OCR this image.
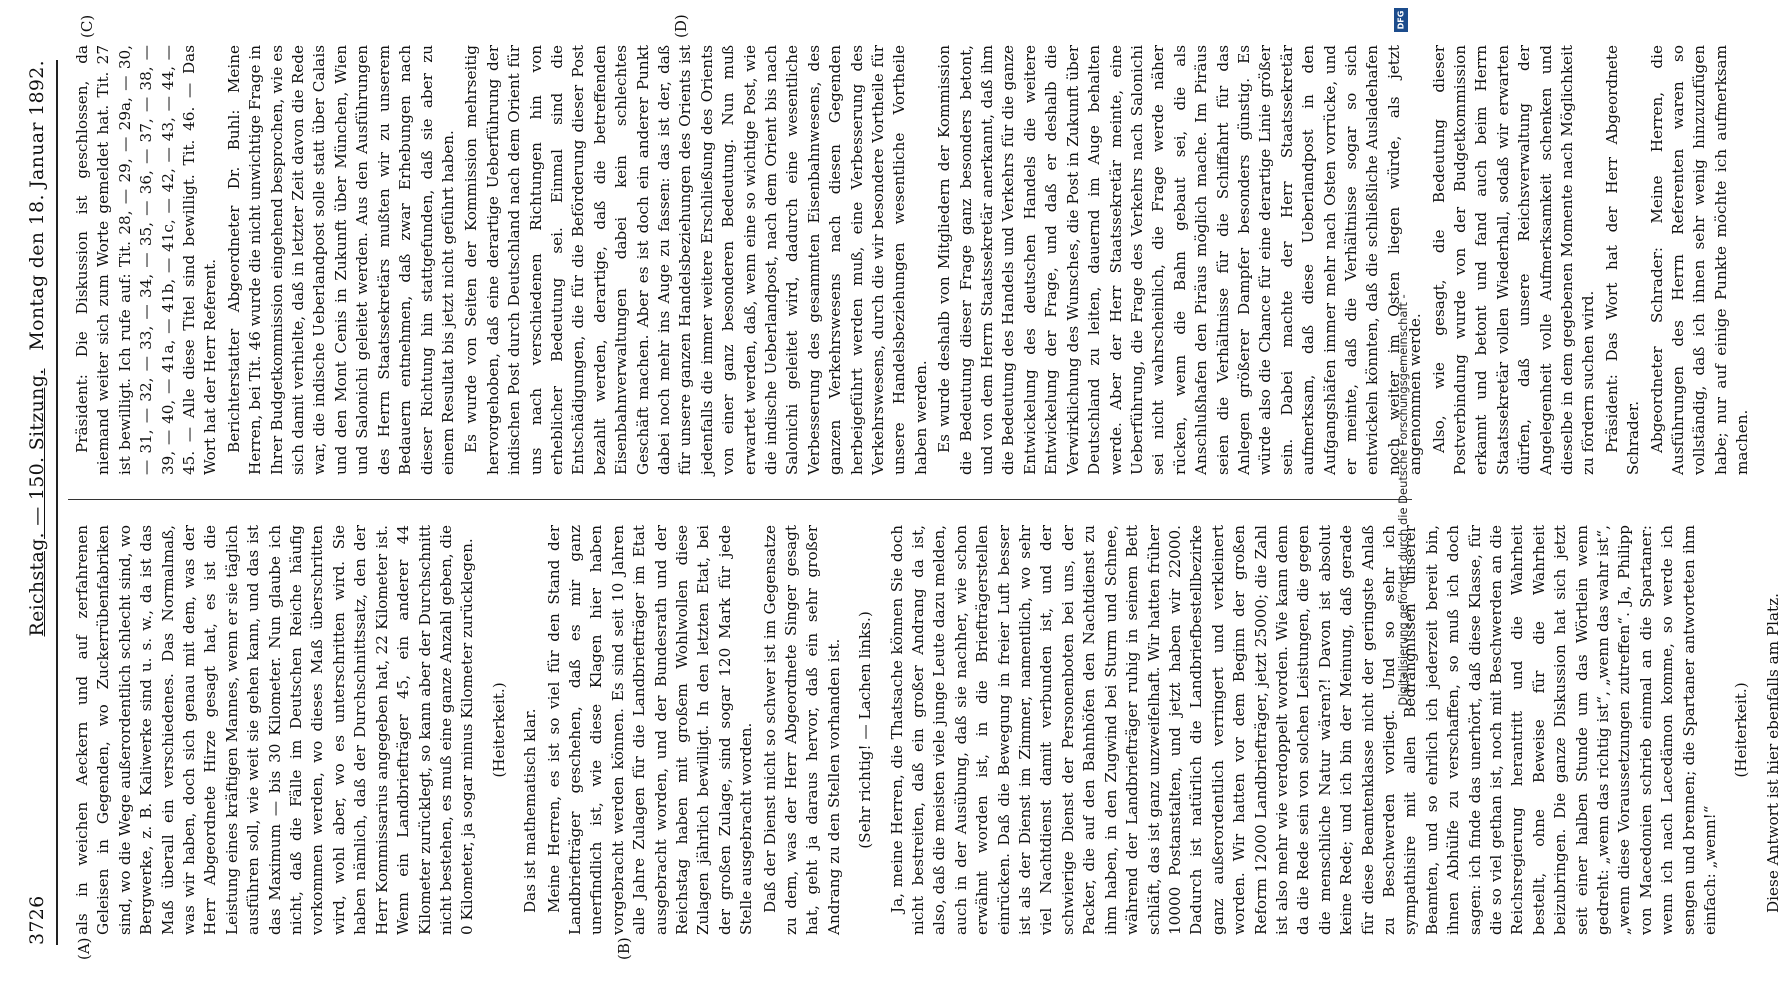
3726
Reichstag. — 150. Sitzung.
Montag den 18. Januar 1892.
(A)	(B)
(C)	(D)

als in weichen Aeckern und auf zerfahrenen Geleisen in Gegenden, wo Zuckerrübenfabriken sind, wo die Wege außerordentlich schlecht sind, wo Bergwerke, z. B. Kaliwerke sind u. s. w., da ist das Maß überall ein verschiedenes. Das Normalmaß, was wir haben, doch sich genau mit dem, was der Herr Abgeordnete Hirze gesagt hat, es ist die Leistung eines kräftigen Mannes, wenn er sie täglich ausführen soll, wie weit sie gehen kann, und das ist das Maximum — bis 30 Kilometer. Nun glaube ich nicht, daß die Fälle im Deutschen Reiche häufig vorkommen werden, wo dieses Maß überschritten wird, wohl aber, wo es unterschritten wird. Sie haben nämlich, daß der Durchschnittssatz, den der Herr Kommissarius angegeben hat, 22 Kilometer ist. Wenn ein Landbriefträger 45, ein anderer 44 Kilometer zurücklegt, so kann aber der Durchschnitt nicht bestehen, es muß eine ganze Anzahl geben, die 0 Kilometer, ja sogar minus Kilometer zurücklegen. (Heiterkeit.) Das ist mathematisch klar. Meine Herren, es ist so viel für den Stand der Landbriefträger geschehen, daß es mir ganz unerfindlich ist, wie diese Klagen hier haben vorgebracht werden können. Es sind seit 10 Jahren alle Jahre Zulagen für die Landbriefträger im Etat ausgebracht worden, und der Bundesrath und der Reichstag haben mit großem Wohlwollen diese Zulagen jährlich bewilligt. In den letzten Etat, bei der großen Zulage, sind sogar 120 Mark für jede Stelle ausgebracht worden. Daß der Dienst nicht so schwer ist im Gegensatze zu dem, was der Herr Abgeordnete Singer gesagt hat, geht ja daraus hervor, daß ein sehr großer Andrang zu den Stellen vorhanden ist. (Sehr richtig! — Lachen links.) Ja, meine Herren, die Thatsache können Sie doch nicht bestreiten, daß ein großer Andrang da ist, also, daß die meisten viele junge Leute dazu melden, auch in der Ausübung, daß sie nachher, wie schon erwähnt worden ist, in die Briefträgerstellen einrücken. Daß die Bewegung in freier Luft besser ist als der Dienst im Zimmer, namentlich, wo sehr viel Nachtdienst damit verbunden ist, und der schwierige Dienst der Personenboten bei uns, der Packer, die auf den Bahnhöfen den Nachtdienst zu ihm haben, in den Zugwind bei Sturm und Schnee, während der Landbriefträger ruhig in seinem Bett schläft, das ist ganz unzweifelhaft. Wir hatten früher 10000 Postanstalten, und jetzt haben wir 22000. Dadurch ist natürlich die Landbriefbestellbezirke ganz außerordentlich verringert und verkleinert worden. Wir hatten vor dem Beginn der großen Reform 12000 Landbriefträger, jetzt 25000; die Zahl ist also mehr wie verdoppelt worden. Wie kann denn da die Rede sein von solchen Leistungen, die gegen die menschliche Natur wären?! Davon ist absolut keine Rede; und ich bin der Meinung, daß gerade für diese Beamtenklasse nicht der geringste Anlaß zu Beschwerden vorliegt. Und so sehr ich sympathisire mit allen Bedrängnissen unserer Beamten, und so ehrlich ich jederzeit bereit bin, ihnen Abhülfe zu verschaffen, so muß ich doch sagen: ich finde das unerhört, daß diese Klasse, für die so viel gethan ist, noch mit Beschwerden an die Reichsregierung herantritt und die Wahrheit bestellt, ohne Beweise für die Wahrheit beizubringen. Die ganze Diskussion hat sich jetzt seit einer halben Stunde um das Wörtlein wenn gedreht: „wenn das richtig ist“, „wenn das wahr ist“, „wenn diese Voraussetzungen zutreffen“. Ja, Philipp von Macedonien schrieb einmal an die Spartaner: wenn ich nach Lacedämon komme, so werde ich sengen und brennen; die Spartaner antworteten ihm einfach: „wenn!“

(Heiterkeit.) Diese Antwort ist hier ebenfalls am Platz.

Präsident: Die Diskussion ist geschlossen, da niemand weiter sich zum Worte gemeldet hat. Tit. 27 ist bewilligt. Ich rufe auf: Tit. 28, — 29, — 29a, — 30, — 31, — 32, — 33, — 34, — 35, — 36, — 37, — 38, — 39, — 40, — 41a, — 41b, — 41c, — 42, — 43, — 44, — 45. — Alle diese Titel sind bewilligt. Tit. 46. — Das Wort hat der Herr Referent. Berichterstatter Abgeordneter Dr. Buhl: Meine Herren, bei Tit. 46 wurde die nicht unwichtige Frage in Ihrer Budgetkommission eingehend besprochen, wie es sich damit verhielte, daß in letzter Zeit davon die Rede war, die indische Ueberlandpost solle statt über Calais und den Mont Cenis in Zukunft über München, Wien und Salonichi geleitet werden. Aus den Ausführungen des Herrn Staatssekretärs mußten wir zu unserem Bedauern entnehmen, daß zwar Erhebungen nach dieser Richtung hin stattgefunden, daß sie aber zu einem Resultat bis jetzt nicht geführt haben. Es wurde von Seiten der Kommission mehrseitig hervorgehoben, daß eine derartige Ueberführung der indischen Post durch Deutschland nach dem Orient für uns nach verschiedenen Richtungen hin von erheblicher Bedeutung sei. Einmal sind die Entschädigungen, die für die Beförderung dieser Post bezahlt werden, derartige, daß die betreffenden Eisenbahnverwaltungen dabei kein schlechtes Geschäft machen. Aber es ist doch ein anderer Punkt dabei noch mehr ins Auge zu fassen: das ist der, daß für unsere ganzen Handelsbeziehungen des Orients ist jedenfalls die immer weitere Erschließung des Orients von einer ganz besonderen Bedeutung. Nun muß erwartet werden, daß, wenn eine so wichtige Post, wie die indische Ueberlandpost, nach dem Orient bis nach Salonichi geleitet wird, dadurch eine wesentliche Verbesserung des gesammten Eisenbahnwesens, des ganzen Verkehrswesens nach diesen Gegenden herbeigeführt werden muß, eine Verbesserung des Verkehrswesens, durch die wir besondere Vortheile für unsere Handelsbeziehungen wesentliche Vortheile haben werden. Es wurde deshalb von Mitgliedern der Kommission die Bedeutung dieser Frage ganz besonders betont, und von dem Herrn Staatssekretär anerkannt, daß ihm die Bedeutung des Handels und Verkehrs für die ganze Entwickelung des deutschen Handels die weitere Entwickelung der Frage, und daß er deshalb die Verwirklichung des Wunsches, die Post in Zukunft über Deutschland zu leiten, dauernd im Auge behalten werde. Aber der Herr Staatssekretär meinte, eine Ueberführung, die Frage des Verkehrs nach Salonichi sei nicht wahrscheinlich, die Frage werde näher rücken, wenn die Bahn gebaut sei, die als Anschlußhafen den Piräus möglich mache. Im Piräus seien die Verhältnisse für die Schiffahrt für das Anlegen größerer Dampfer besonders günstig. Es würde also die Chance für eine derartige Linie größer sein. Dabei machte der Herr Staatssekretär aufmerksam, daß diese Ueberlandpost in den Aufgangshäfen immer mehr nach Osten vorrücke, und er meinte, daß die Verhältnisse sogar so sich entwickeln könnten, daß die schließliche Ausladehafen noch weiter im Osten liegen würde, als jetzt angenommen werde. Also, wie gesagt, die Bedeutung dieser Postverbindung wurde von der Budgetkommission erkannt und betont und fand auch beim Herrn Staatssekretär vollen Wiederhall, sodaß wir erwarten dürfen, daß unsere Reichsverwaltung der Angelegenheit volle Aufmerksamkeit schenken und dieselbe in dem gegebenen Momente nach Möglichkeit zu fördern suchen wird. Präsident: Das Wort hat der Herr Abgeordnete Schrader. Abgeordneter Schrader: Meine Herren, die Ausführungen des Herrn Referenten waren so vollständig, daß ich ihnen sehr wenig hinzuzufügen habe; nur auf einige Punkte möchte ich aufmerksam machen.

DFG
Digitalisierung gefördert durch die Deutsche Forschungsgemeinschaft -
